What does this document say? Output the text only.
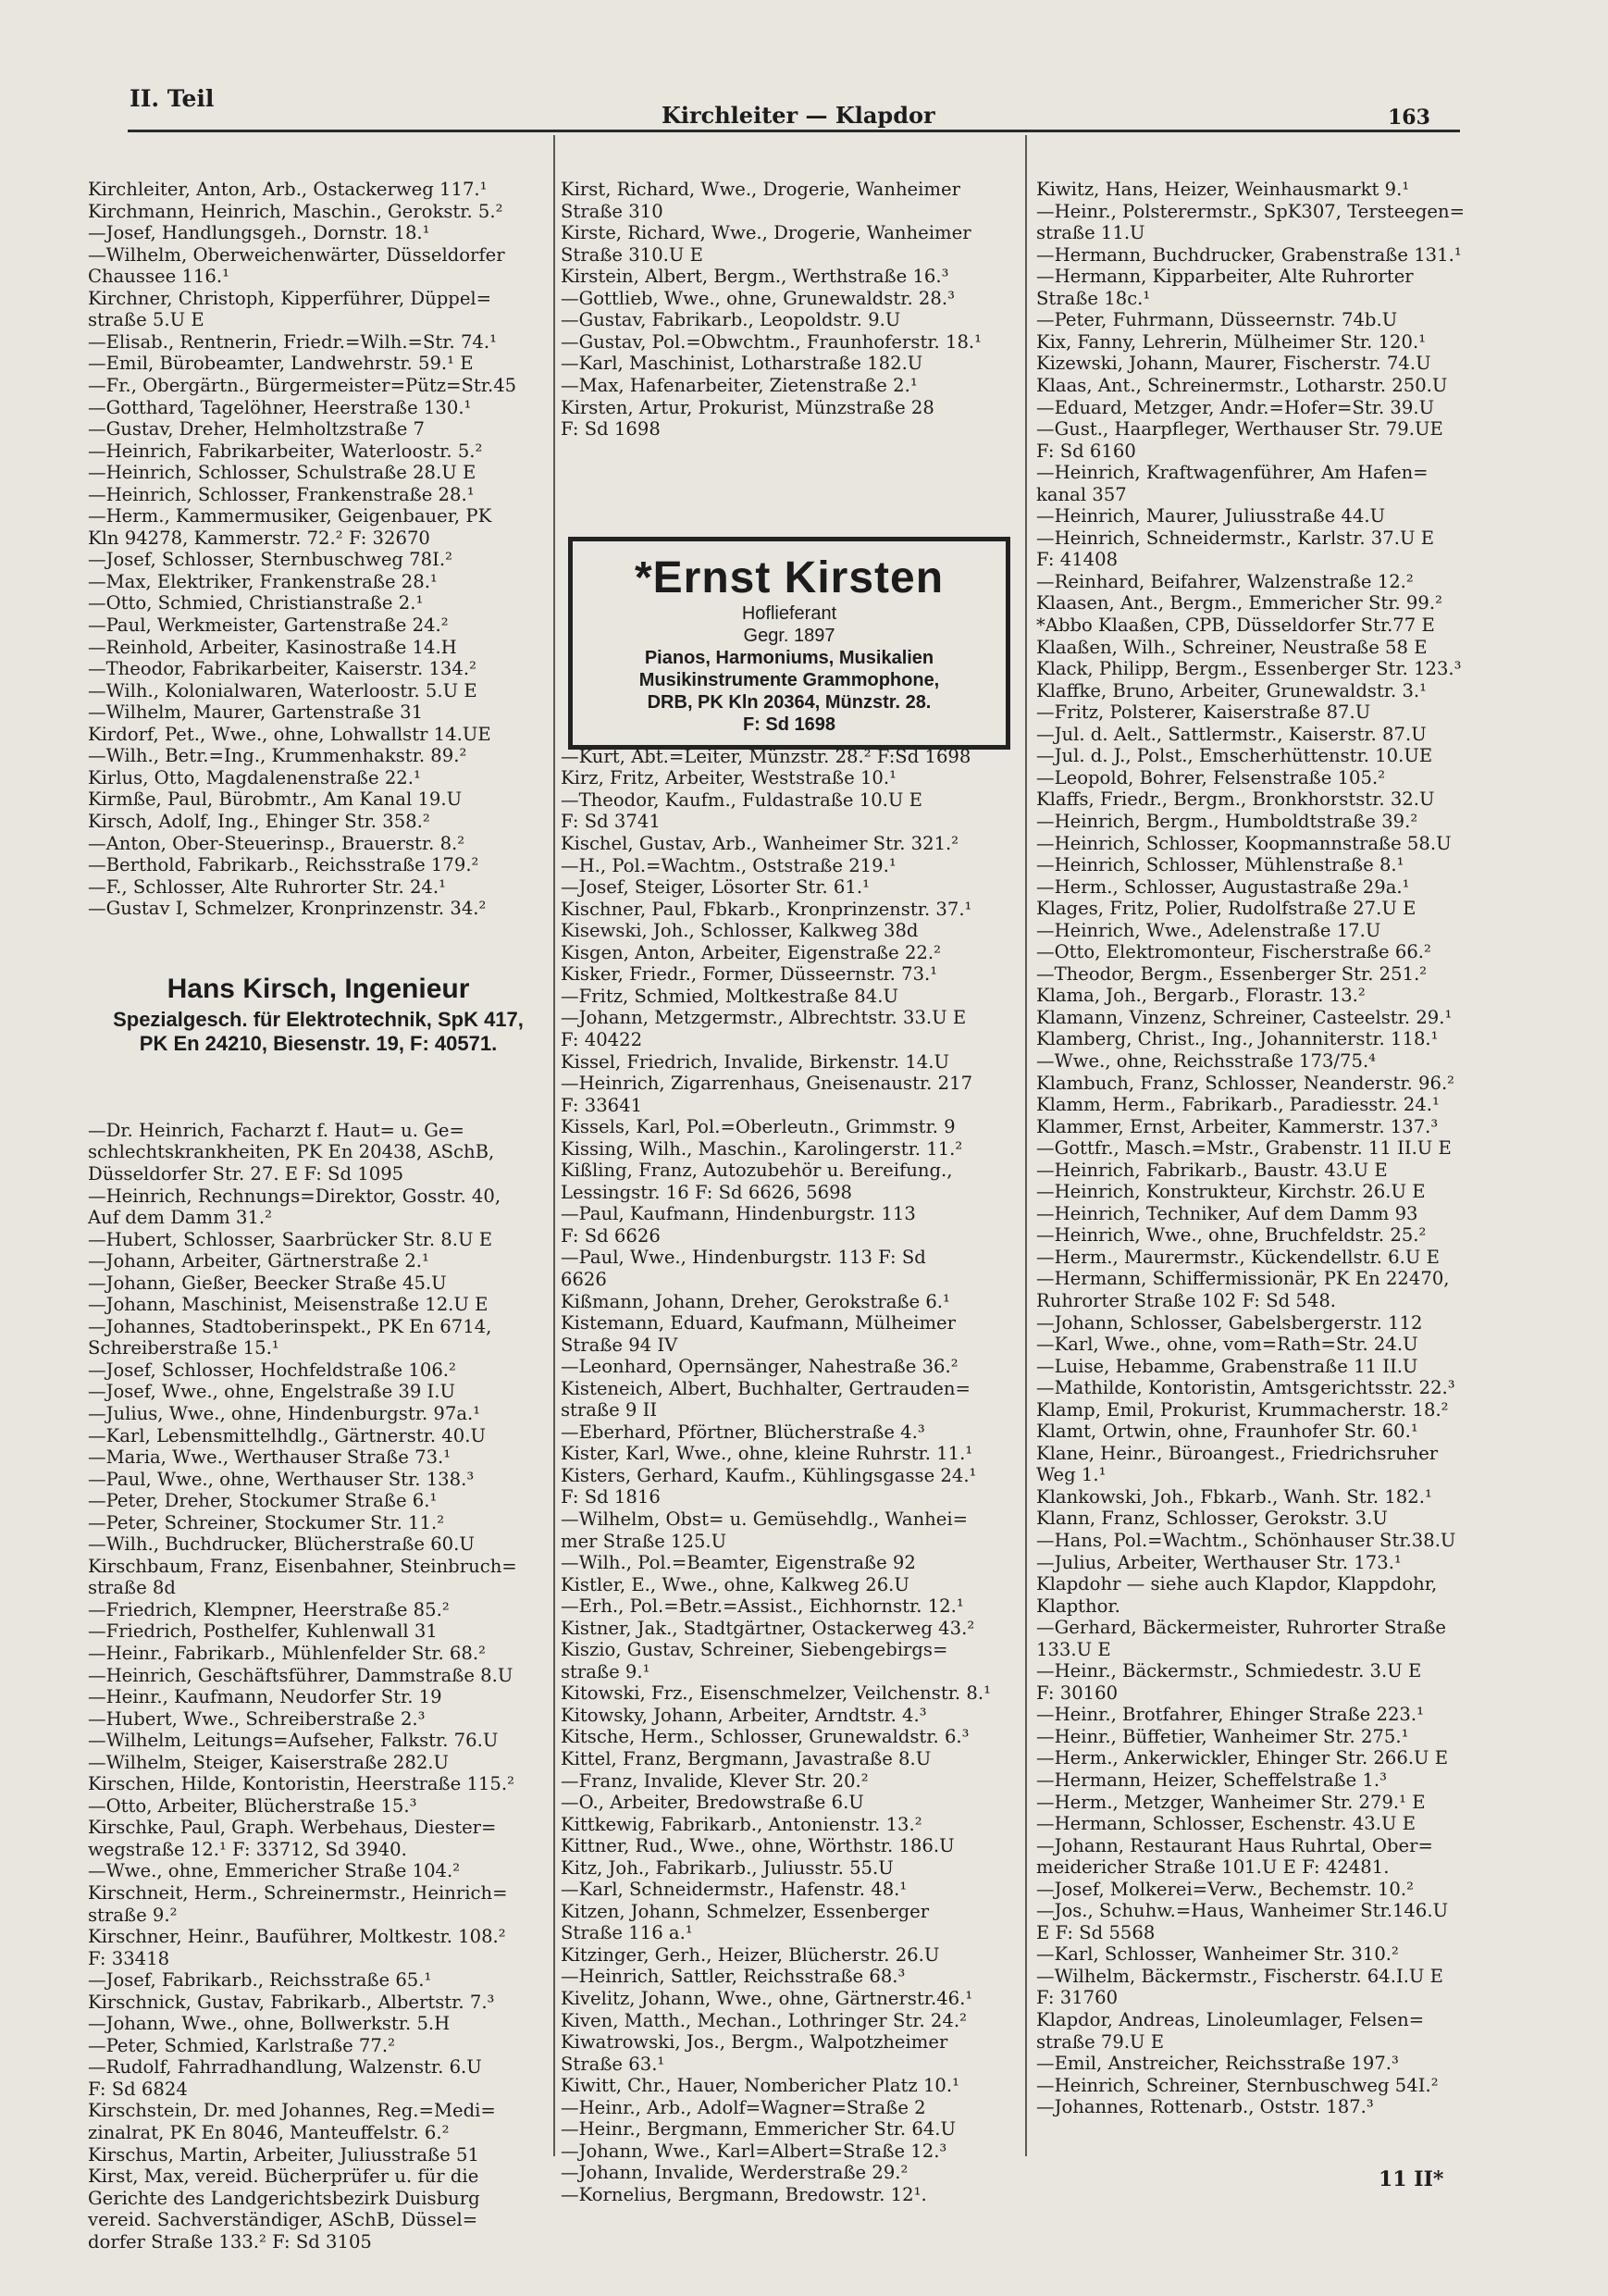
II. Teil
Kirchleiter — Klapdor	163

Kirchleiter, Anton, Arb., Ostackerweg 117.¹
Kirchmann, Heinrich, Maschin., Gerokstr. 5.²
—Josef, Handlungsgeh., Dornstr. 18.¹
—Wilhelm, Oberweichenwärter, Düsseldorfer
Chaussee 116.¹
Kirchner, Christoph, Kipperführer, Düppel=
straße 5.U E
—Elisab., Rentnerin, Friedr.=Wilh.=Str. 74.¹
—Emil, Bürobeamter, Landwehrstr. 59.¹ E
—Fr., Obergärtn., Bürgermeister=Pütz=Str.45
—Gotthard, Tagelöhner, Heerstraße 130.¹
—Gustav, Dreher, Helmholtzstraße 7
—Heinrich, Fabrikarbeiter, Waterloostr. 5.²
—Heinrich, Schlosser, Schulstraße 28.U E
—Heinrich, Schlosser, Frankenstraße 28.¹
—Herm., Kammermusiker, Geigenbauer, PK
Kln 94278, Kammerstr. 72.² F: 32670
—Josef, Schlosser, Sternbuschweg 78I.²
—Max, Elektriker, Frankenstraße 28.¹
—Otto, Schmied, Christianstraße 2.¹
—Paul, Werkmeister, Gartenstraße 24.²
—Reinhold, Arbeiter, Kasinostraße 14.H
—Theodor, Fabrikarbeiter, Kaiserstr. 134.²
—Wilh., Kolonialwaren, Waterloostr. 5.U E
—Wilhelm, Maurer, Gartenstraße 31
Kirdorf, Pet., Wwe., ohne, Lohwallstr 14.UE
—Wilh., Betr.=Ing., Krummenhakstr. 89.²
Kirlus, Otto, Magdalenenstraße 22.¹
Kirmße, Paul, Bürobmtr., Am Kanal 19.U
Kirsch, Adolf, Ing., Ehinger Str. 358.²
—Anton, Ober-Steuerinsp., Brauerstr. 8.²
—Berthold, Fabrikarb., Reichsstraße 179.²
—F., Schlosser, Alte Ruhrorter Str. 24.¹
—Gustav I, Schmelzer, Kronprinzenstr. 34.²

Hans Kirsch, Ingenieur
Spezialgesch. für Elektrotechnik, SpK 417,
PK En 24210, Biesenstr. 19, F: 40571.

—Dr. Heinrich, Facharzt f. Haut= u. Ge=
schlechtskrankheiten, PK En 20438, ASchB,
Düsseldorfer Str. 27. E F: Sd 1095
—Heinrich, Rechnungs=Direktor, Gosstr. 40,
Auf dem Damm 31.²
—Hubert, Schlosser, Saarbrücker Str. 8.U E
—Johann, Arbeiter, Gärtnerstraße 2.¹
—Johann, Gießer, Beecker Straße 45.U
—Johann, Maschinist, Meisenstraße 12.U E
—Johannes, Stadtoberinspekt., PK En 6714,
Schreiberstraße 15.¹
—Josef, Schlosser, Hochfeldstraße 106.²
—Josef, Wwe., ohne, Engelstraße 39 I.U
—Julius, Wwe., ohne, Hindenburgstr. 97a.¹
—Karl, Lebensmittelhdlg., Gärtnerstr. 40.U
—Maria, Wwe., Werthauser Straße 73.¹
—Paul, Wwe., ohne, Werthauser Str. 138.³
—Peter, Dreher, Stockumer Straße 6.¹
—Peter, Schreiner, Stockumer Str. 11.²
—Wilh., Buchdrucker, Blücherstraße 60.U
Kirschbaum, Franz, Eisenbahner, Steinbruch=
straße 8d
—Friedrich, Klempner, Heerstraße 85.²
—Friedrich, Posthelfer, Kuhlenwall 31
—Heinr., Fabrikarb., Mühlenfelder Str. 68.²
—Heinrich, Geschäftsführer, Dammstraße 8.U
—Heinr., Kaufmann, Neudorfer Str. 19
—Hubert, Wwe., Schreiberstraße 2.³
—Wilhelm, Leitungs=Aufseher, Falkstr. 76.U
—Wilhelm, Steiger, Kaiserstraße 282.U
Kirschen, Hilde, Kontoristin, Heerstraße 115.²
—Otto, Arbeiter, Blücherstraße 15.³
Kirschke, Paul, Graph. Werbehaus, Diester=
wegstraße 12.¹ F: 33712, Sd 3940.
—Wwe., ohne, Emmericher Straße 104.²
Kirschneit, Herm., Schreinermstr., Heinrich=
straße 9.²
Kirschner, Heinr., Bauführer, Moltkestr. 108.²
F: 33418
—Josef, Fabrikarb., Reichsstraße 65.¹
Kirschnick, Gustav, Fabrikarb., Albertstr. 7.³
—Johann, Wwe., ohne, Bollwerkstr. 5.H
—Peter, Schmied, Karlstraße 77.²
—Rudolf, Fahrradhandlung, Walzenstr. 6.U
F: Sd 6824
Kirschstein, Dr. med Johannes, Reg.=Medi=
zinalrat, PK En 8046, Manteuffelstr. 6.²
Kirschus, Martin, Arbeiter, Juliusstraße 51
Kirst, Max, vereid. Bücherprüfer u. für die
Gerichte des Landgerichtsbezirk Duisburg
vereid. Sachverständiger, ASchB, Düssel=
dorfer Straße 133.² F: Sd 3105

Kirst, Richard, Wwe., Drogerie, Wanheimer
Straße 310
Kirste, Richard, Wwe., Drogerie, Wanheimer
Straße 310.U E
Kirstein, Albert, Bergm., Werthstraße 16.³
—Gottlieb, Wwe., ohne, Grunewaldstr. 28.³
—Gustav, Fabrikarb., Leopoldstr. 9.U
—Gustav, Pol.=Obwchtm., Fraunhoferstr. 18.¹
—Karl, Maschinist, Lotharstraße 182.U
—Max, Hafenarbeiter, Zietenstraße 2.¹
Kirsten, Artur, Prokurist, Münzstraße 28
F: Sd 1698

*Ernst Kirsten
Hoflieferant
Gegr. 1897
Pianos, Harmoniums, Musikalien
Musikinstrumente Grammophone,
DRB, PK Kln 20364, Münzstr. 28.
F: Sd 1698

—Kurt, Abt.=Leiter, Münzstr. 28.² F:Sd 1698
Kirz, Fritz, Arbeiter, Weststraße 10.¹
—Theodor, Kaufm., Fuldastraße 10.U E
F: Sd 3741
Kischel, Gustav, Arb., Wanheimer Str. 321.²
—H., Pol.=Wachtm., Oststraße 219.¹
—Josef, Steiger, Lösorter Str. 61.¹
Kischner, Paul, Fbkarb., Kronprinzenstr. 37.¹
Kisewski, Joh., Schlosser, Kalkweg 38d
Kisgen, Anton, Arbeiter, Eigenstraße 22.²
Kisker, Friedr., Former, Düsseernstr. 73.¹
—Fritz, Schmied, Moltkestraße 84.U
—Johann, Metzgermstr., Albrechtstr. 33.U E
F: 40422
Kissel, Friedrich, Invalide, Birkenstr. 14.U
—Heinrich, Zigarrenhaus, Gneisenaustr. 217
F: 33641
Kissels, Karl, Pol.=Oberleutn., Grimmstr. 9
Kissing, Wilh., Maschin., Karolingerstr. 11.²
Kißling, Franz, Autozubehör u. Bereifung.,
Lessingstr. 16 F: Sd 6626, 5698
—Paul, Kaufmann, Hindenburgstr. 113
F: Sd 6626
—Paul, Wwe., Hindenburgstr. 113 F: Sd
6626
Kißmann, Johann, Dreher, Gerokstraße 6.¹
Kistemann, Eduard, Kaufmann, Mülheimer
Straße 94 IV
—Leonhard, Opernsänger, Nahestraße 36.²
Kisteneich, Albert, Buchhalter, Gertrauden=
straße 9 II
—Eberhard, Pförtner, Blücherstraße 4.³
Kister, Karl, Wwe., ohne, kleine Ruhrstr. 11.¹
Kisters, Gerhard, Kaufm., Kühlingsgasse 24.¹
F: Sd 1816
—Wilhelm, Obst= u. Gemüsehdlg., Wanhei=
mer Straße 125.U
—Wilh., Pol.=Beamter, Eigenstraße 92
Kistler, E., Wwe., ohne, Kalkweg 26.U
—Erh., Pol.=Betr.=Assist., Eichhornstr. 12.¹
Kistner, Jak., Stadtgärtner, Ostackerweg 43.²
Kiszio, Gustav, Schreiner, Siebengebirgs=
straße 9.¹
Kitowski, Frz., Eisenschmelzer, Veilchenstr. 8.¹
Kitowsky, Johann, Arbeiter, Arndtstr. 4.³
Kitsche, Herm., Schlosser, Grunewaldstr. 6.³
Kittel, Franz, Bergmann, Javastraße 8.U
—Franz, Invalide, Klever Str. 20.²
—O., Arbeiter, Bredowstraße 6.U
Kittkewig, Fabrikarb., Antonienstr. 13.²
Kittner, Rud., Wwe., ohne, Wörthstr. 186.U
Kitz, Joh., Fabrikarb., Juliusstr. 55.U
—Karl, Schneidermstr., Hafenstr. 48.¹
Kitzen, Johann, Schmelzer, Essenberger
Straße 116 a.¹
Kitzinger, Gerh., Heizer, Blücherstr. 26.U
—Heinrich, Sattler, Reichsstraße 68.³
Kivelitz, Johann, Wwe., ohne, Gärtnerstr.46.¹
Kiven, Matth., Mechan., Lothringer Str. 24.²
Kiwatrowski, Jos., Bergm., Walpotzheimer
Straße 63.¹
Kiwitt, Chr., Hauer, Nombericher Platz 10.¹
—Heinr., Arb., Adolf=Wagner=Straße 2
—Heinr., Bergmann, Emmericher Str. 64.U
—Johann, Wwe., Karl=Albert=Straße 12.³
—Johann, Invalide, Werderstraße 29.²
—Kornelius, Bergmann, Bredowstr. 12¹.

Kiwitz, Hans, Heizer, Weinhausmarkt 9.¹
—Heinr., Polsterermstr., SpK307, Tersteegen=
straße 11.U
—Hermann, Buchdrucker, Grabenstraße 131.¹
—Hermann, Kipparbeiter, Alte Ruhrorter
Straße 18c.¹
—Peter, Fuhrmann, Düsseernstr. 74b.U
Kix, Fanny, Lehrerin, Mülheimer Str. 120.¹
Kizewski, Johann, Maurer, Fischerstr. 74.U
Klaas, Ant., Schreinermstr., Lotharstr. 250.U
—Eduard, Metzger, Andr.=Hofer=Str. 39.U
—Gust., Haarpfleger, Werthauser Str. 79.UE
F: Sd 6160
—Heinrich, Kraftwagenführer, Am Hafen=
kanal 357
—Heinrich, Maurer, Juliusstraße 44.U
—Heinrich, Schneidermstr., Karlstr. 37.U E
F: 41408
—Reinhard, Beifahrer, Walzenstraße 12.²
Klaasen, Ant., Bergm., Emmericher Str. 99.²
*Abbo Klaaßen, CPB, Düsseldorfer Str.77 E
Klaaßen, Wilh., Schreiner, Neustraße 58 E
Klack, Philipp, Bergm., Essenberger Str. 123.³
Klaffke, Bruno, Arbeiter, Grunewaldstr. 3.¹
—Fritz, Polsterer, Kaiserstraße 87.U
—Jul. d. Aelt., Sattlermstr., Kaiserstr. 87.U
—Jul. d. J., Polst., Emscherhüttenstr. 10.UE
—Leopold, Bohrer, Felsenstraße 105.²
Klaffs, Friedr., Bergm., Bronkhorststr. 32.U
—Heinrich, Bergm., Humboldtstraße 39.²
—Heinrich, Schlosser, Koopmannstraße 58.U
—Heinrich, Schlosser, Mühlenstraße 8.¹
—Herm., Schlosser, Augustastraße 29a.¹
Klages, Fritz, Polier, Rudolfstraße 27.U E
—Heinrich, Wwe., Adelenstraße 17.U
—Otto, Elektromonteur, Fischerstraße 66.²
—Theodor, Bergm., Essenberger Str. 251.²
Klama, Joh., Bergarb., Florastr. 13.²
Klamann, Vinzenz, Schreiner, Casteelstr. 29.¹
Klamberg, Christ., Ing., Johanniterstr. 118.¹
—Wwe., ohne, Reichsstraße 173/75.⁴
Klambuch, Franz, Schlosser, Neanderstr. 96.²
Klamm, Herm., Fabrikarb., Paradiesstr. 24.¹
Klammer, Ernst, Arbeiter, Kammerstr. 137.³
—Gottfr., Masch.=Mstr., Grabenstr. 11 II.U E
—Heinrich, Fabrikarb., Baustr. 43.U E
—Heinrich, Konstrukteur, Kirchstr. 26.U E
—Heinrich, Techniker, Auf dem Damm 93
—Heinrich, Wwe., ohne, Bruchfeldstr. 25.²
—Herm., Maurermstr., Kückendellstr. 6.U E
—Hermann, Schiffermissionär, PK En 22470,
Ruhrorter Straße 102 F: Sd 548.
—Johann, Schlosser, Gabelsbergerstr. 112
—Karl, Wwe., ohne, vom=Rath=Str. 24.U
—Luise, Hebamme, Grabenstraße 11 II.U
—Mathilde, Kontoristin, Amtsgerichtsstr. 22.³
Klamp, Emil, Prokurist, Krummacherstr. 18.²
Klamt, Ortwin, ohne, Fraunhofer Str. 60.¹
Klane, Heinr., Büroangest., Friedrichsruher
Weg 1.¹
Klankowski, Joh., Fbkarb., Wanh. Str. 182.¹
Klann, Franz, Schlosser, Gerokstr. 3.U
—Hans, Pol.=Wachtm., Schönhauser Str.38.U
—Julius, Arbeiter, Werthauser Str. 173.¹
Klapdohr — siehe auch Klapdor, Klappdohr,
Klapthor.
—Gerhard, Bäckermeister, Ruhrorter Straße
133.U E
—Heinr., Bäckermstr., Schmiedestr. 3.U E
F: 30160
—Heinr., Brotfahrer, Ehinger Straße 223.¹
—Heinr., Büffetier, Wanheimer Str. 275.¹
—Herm., Ankerwickler, Ehinger Str. 266.U E
—Hermann, Heizer, Scheffelstraße 1.³
—Herm., Metzger, Wanheimer Str. 279.¹ E
—Hermann, Schlosser, Eschenstr. 43.U E
—Johann, Restaurant Haus Ruhrtal, Ober=
meidericher Straße 101.U E F: 42481.
—Josef, Molkerei=Verw., Bechemstr. 10.²
—Jos., Schuhw.=Haus, Wanheimer Str.146.U
E F: Sd 5568
—Karl, Schlosser, Wanheimer Str. 310.²
—Wilhelm, Bäckermstr., Fischerstr. 64.I.U E
F: 31760
Klapdor, Andreas, Linoleumlager, Felsen=
straße 79.U E
—Emil, Anstreicher, Reichsstraße 197.³
—Heinrich, Schreiner, Sternbuschweg 54I.²
—Johannes, Rottenarb., Oststr. 187.³

11 II*
